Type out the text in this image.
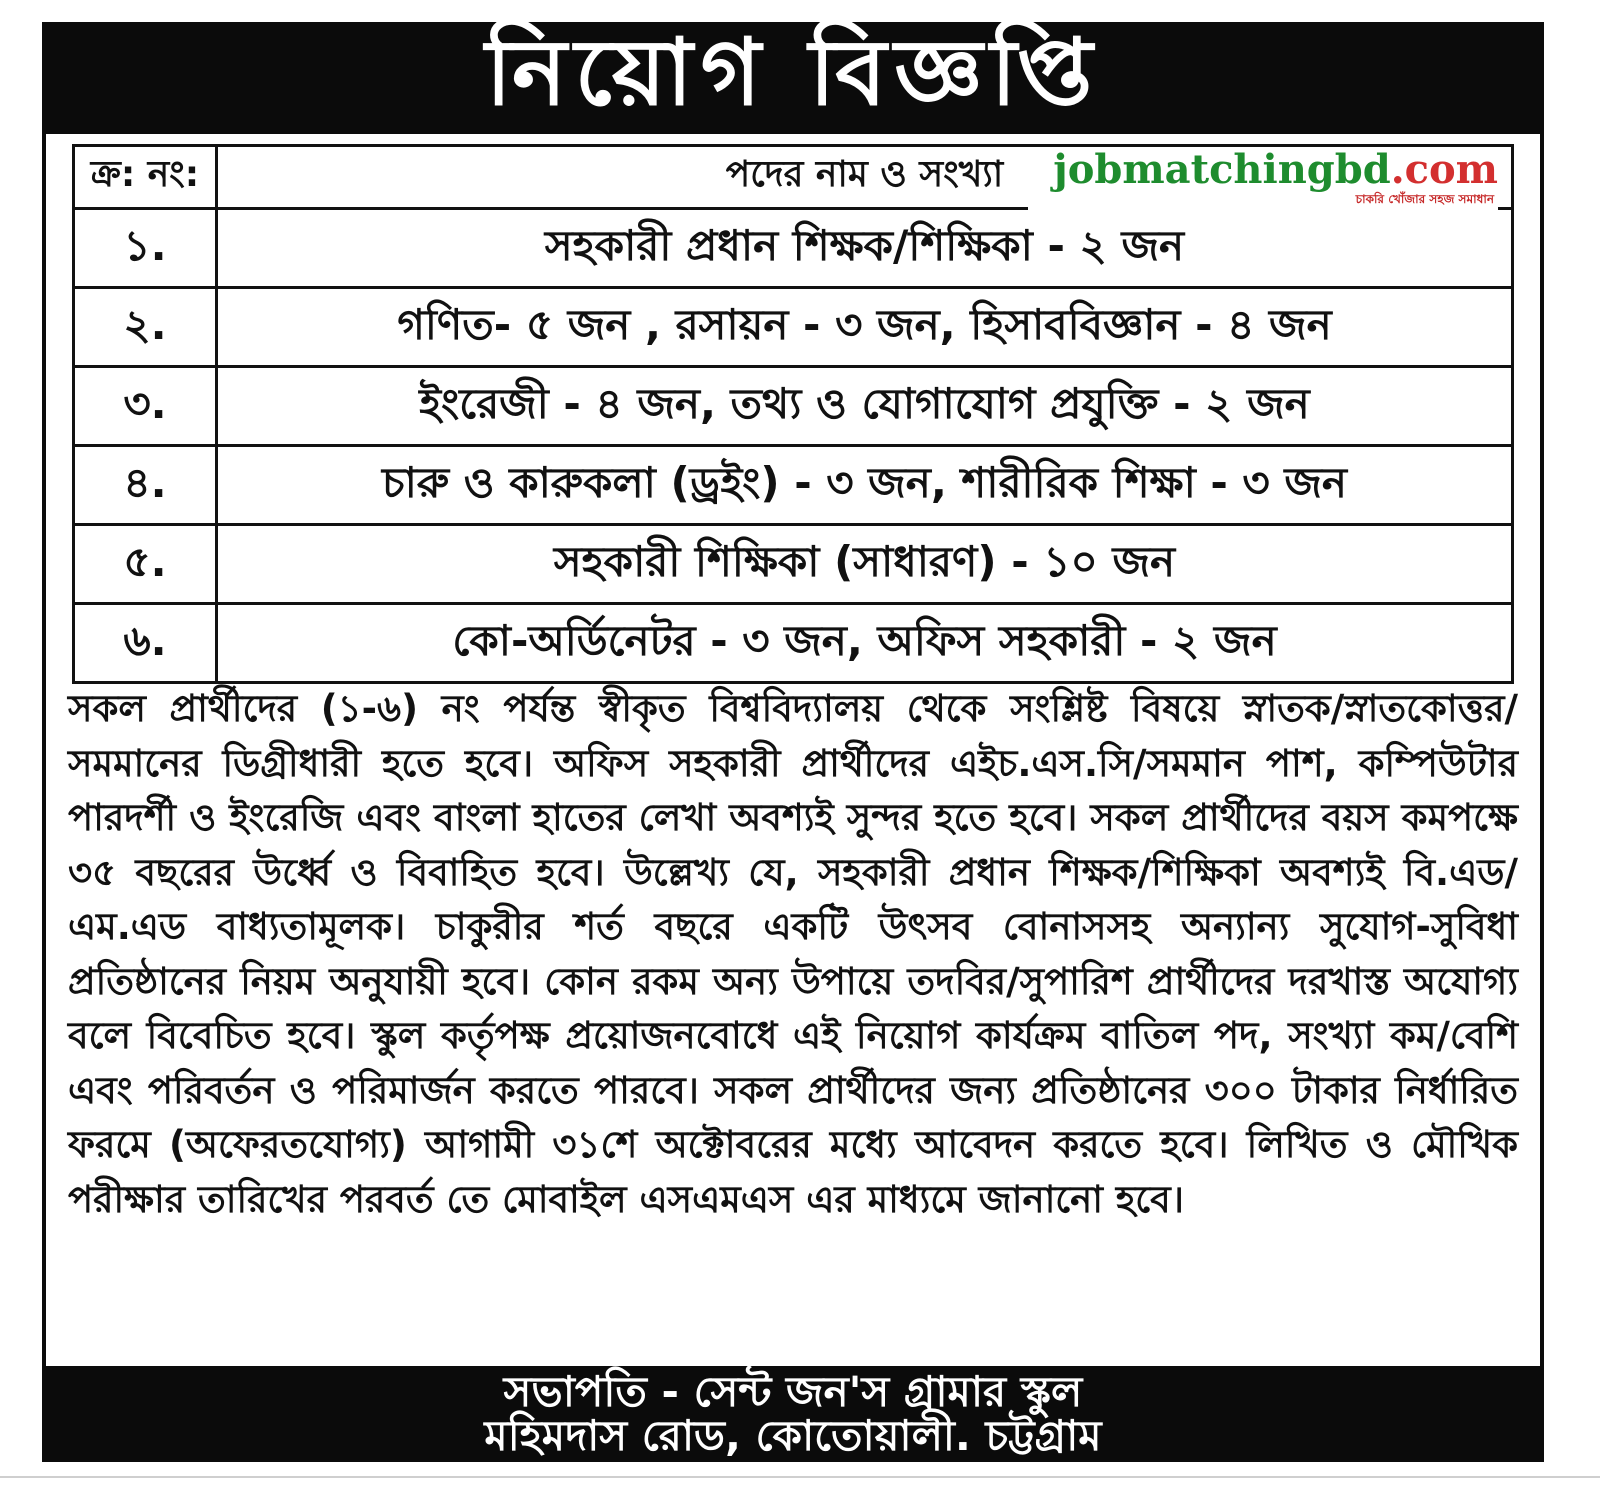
নিয়োগ বিজ্ঞপ্তি
ক্র: নং:	পদের নাম ও সংখ্যা
১.	সহকারী প্রধান শিক্ষক/শিক্ষিকা - ২ জন
২.	গণিত- ৫ জন , রসায়ন - ৩ জন, হিসাববিজ্ঞান - ৪ জন
৩.	ইংরেজী - ৪ জন, তথ্য ও যোগাযোগ প্রযুক্তি - ২ জন
৪.	চারু ও কারুকলা (ড্রইং) - ৩ জন, শারীরিক শিক্ষা - ৩ জন
৫.	সহকারী শিক্ষিকা (সাধারণ) - ১০ জন
৬.	কো-অর্ডিনেটর - ৩ জন, অফিস সহকারী - ২ জন
jobmatchingbd.com
চাকরি খোঁজার সহজ সমাধান
সকল প্রার্থীদের (১-৬) নং পর্যন্ত স্বীকৃত বিশ্ববিদ্যালয় থেকে সংশ্লিষ্ট বিষয়ে স্নাতক/স্নাতকোত্তর/সমমানের ডিগ্রীধারী হতে হবে। অফিস সহকারী প্রার্থীদের এইচ.এস.সি/সমমান পাশ, কম্পিউটার পারদর্শী ও ইংরেজি এবং বাংলা হাতের লেখা অবশ্যই সুন্দর হতে হবে। সকল প্রার্থীদের বয়স কমপক্ষে ৩৫ বছরের উর্ধ্বে ও বিবাহিত হবে। উল্লেখ্য যে, সহকারী প্রধান শিক্ষক/শিক্ষিকা অবশ্যই বি.এড/এম.এড বাধ্যতামূলক। চাকুরীর শর্ত বছরে একটি উৎসব বোনাসসহ অন্যান্য সুযোগ-সুবিধা প্রতিষ্ঠানের নিয়ম অনুযায়ী হবে। কোন রকম অন্য উপায়ে তদবির/সুপারিশ প্রার্থীদের দরখাস্ত অযোগ্য বলে বিবেচিত হবে। স্কুল কর্তৃপক্ষ প্রয়োজনবোধে এই নিয়োগ কার্যক্রম বাতিল পদ, সংখ্যা কম/বেশি এবং পরিবর্তন ও পরিমার্জন করতে পারবে। সকল প্রার্থীদের জন্য প্রতিষ্ঠানের ৩০০ টাকার নির্ধারিত ফরমে (অফেরতযোগ্য) আগামী ৩১শে অক্টোবরের মধ্যে আবেদন করতে হবে। লিখিত ও মৌখিক পরীক্ষার তারিখের পরবর্ত তে মোবাইল এসএমএস এর মাধ্যমে জানানো হবে।
সভাপতি - সেন্ট জন'স গ্রামার স্কুল
মহিমদাস রোড, কোতোয়ালী. চট্টগ্রাম
